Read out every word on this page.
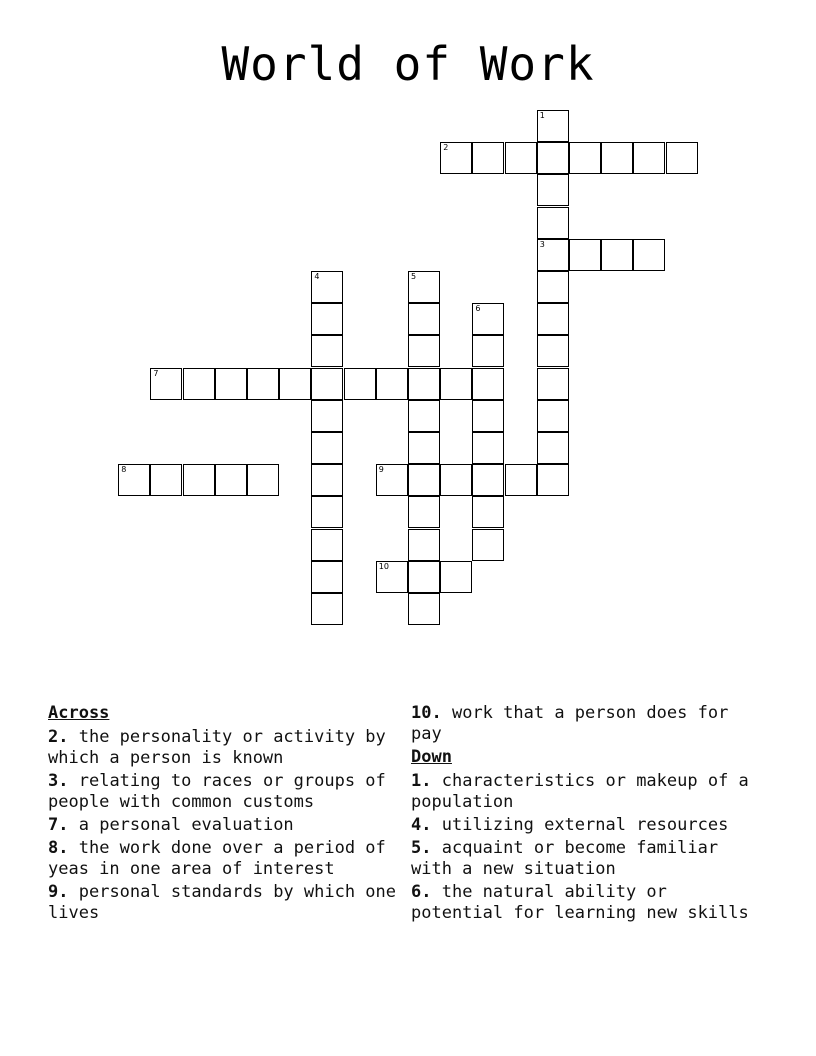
World of Work
1
2
3
4	5
6
7
8	9
10
Across
2. the personality or activity by which a person is known
3. relating to races or groups of people with common customs
7. a personal evaluation
8. the work done over a period of yeas in one area of interest
9. personal standards by which one lives
10. work that a person does for pay
Down
1. characteristics or makeup of a population
4. utilizing external resources
5. acquaint or become familiar with a new situation
6. the natural ability or potential for learning new skills
